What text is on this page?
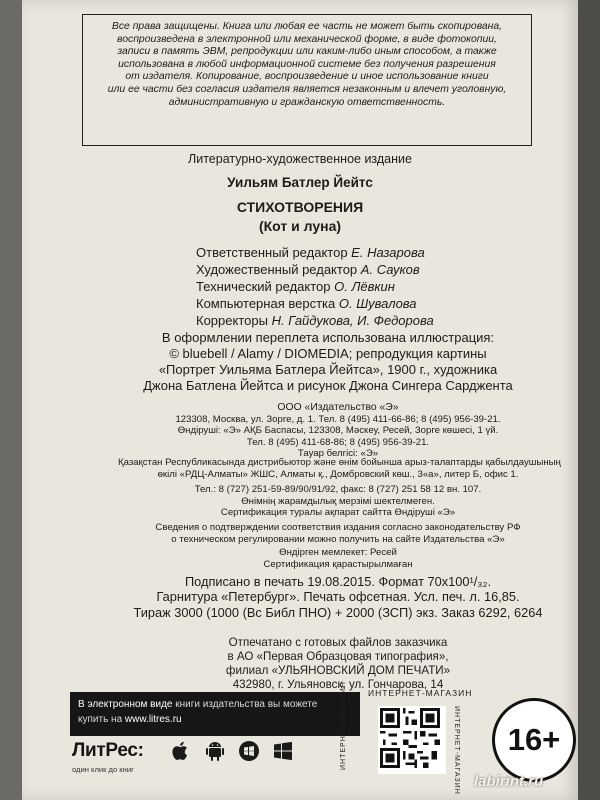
Все права защищены. Книга или любая ее часть не может быть скопирована,
воспроизведена в электронной или механической форме, в виде фотокопии,
записи в память ЭВМ, репродукции или каким-либо иным способом, а также
использована в любой информационной системе без получения разрешения
от издателя. Копирование, воспроизведение и иное использование книги
или ее части без согласия издателя является незаконным и влечет уголовную,
административную и гражданскую ответственность.
Литературно-художественное издание
Уильям Батлер Йейтс
СТИХОТВОРЕНИЯ
(Кот и луна)
Ответственный редактор Е. Назарова
Художественный редактор А. Сауков
Технический редактор О. Лёвкин
Компьютерная верстка О. Шувалова
Корректоры Н. Гайдукова, И. Федорова
В оформлении переплета использована иллюстрация:
© bluebell / Alamy / DIOMEDIA; репродукция картины
«Портрет Уильяма Батлера Йейтса», 1900 г., художника
Джона Батлена Йейтса и рисунок Джона Сингера Сарджента
ООО «Издательство «Э»
123308, Москва, ул. Зорге, д. 1. Тел. 8 (495) 411-66-86; 8 (495) 956-39-21.
Өндіруші: «Э» АҚБ Баспасы, 123308, Мәскеу, Ресей, Зорге көшесі, 1 үй.
Тел. 8 (495) 411-68-86; 8 (495) 956-39-21.
Тауар белгісі: «Э»
Қазақстан Республикасында дистрибьютор және өнім бойынша арыз-талаптарды қабылдаушының
өкілі «РДЦ-Алматы» ЖШС, Алматы қ., Домбровский көш., 3«а», литер Б, офис 1.
Тел.: 8 (727) 251-59-89/90/91/92, факс: 8 (727) 251 58 12 вн. 107.
Өнімнің жарамдылық мерзімі шектелмеген.
Сертификация туралы ақпарат сайтта Өндіруші «Э»
Сведения о подтверждении соответствия издания согласно законодательству РФ
о техническом регулировании можно получить на сайте Издательства «Э»
Өндірген мемлекет: Ресей
Сертификация қарастырылмаған
Подписано в печать 19.08.2015. Формат 70х100¹/₃₂.
Гарнитура «Петербург». Печать офсетная. Усл. печ. л. 16,85.
Тираж 3000 (1000 (Вс Библ ПНО) + 2000 (ЗСП) экз. Заказ 6292, 6264
Отпечатано с готовых файлов заказчика
в АО «Первая Образцовая типография»,
филиал «УЛЬЯНОВСКИЙ ДОМ ПЕЧАТИ»
432980, г. Ульяновск, ул. Гончарова, 14
В электронном виде книги издательства вы можете
купить на www.litres.ru
ЛитРес:
один клик до книг
ИНТЕРНЕТ-МАГАЗИН
ИНТЕРНЕТ-МАГАЗИН	ИНТЕРНЕТ-МАГАЗИН	16+
labirint.ru
